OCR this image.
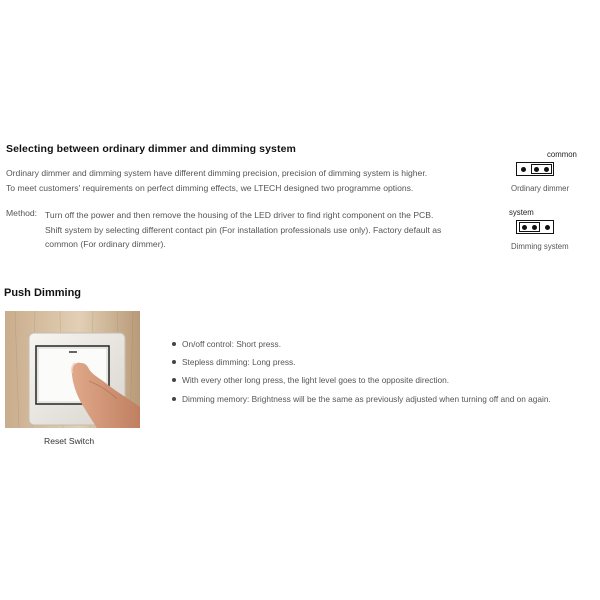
Selecting between ordinary dimmer and dimming system
Ordinary dimmer and dimming system have different dimming precision, precision of dimming system is higher.
To meet customers' requirements on perfect dimming effects, we LTECH designed two programme options.
Method: Turn off the power and then remove the housing of the LED driver to find right component on the PCB.
Shift system by selecting different contact pin (For installation professionals use only). Factory default as
common (For ordinary dimmer).
common
Ordinary dimmer
system
Dimming system
Push Dimming
Reset Switch
On/off control: Short press.
Stepless dimming: Long press.
With every other long press, the light level goes to the opposite direction.
Dimming memory: Brightness will be the same as previously adjusted when turning off and on again.
